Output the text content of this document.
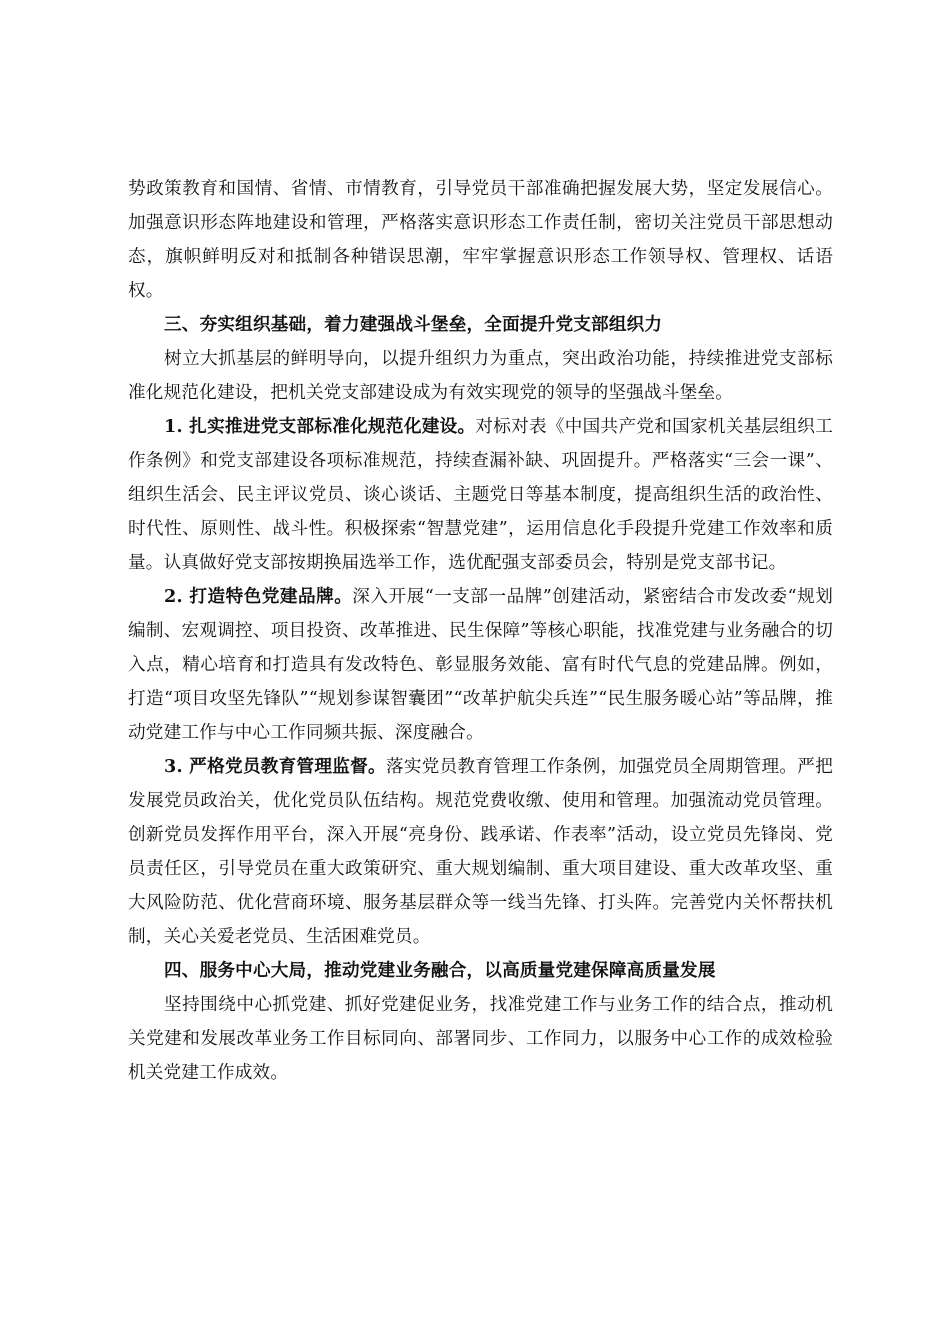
势政策教育和国情、省情、市情教育，引导党员干部准确把握发展大势，坚定发展信心。加强意识形态阵地建设和管理，严格落实意识形态工作责任制，密切关注党员干部思想动态，旗帜鲜明反对和抵制各种错误思潮，牢牢掌握意识形态工作领导权、管理权、话语权。

三、夯实组织基础，着力建强战斗堡垒，全面提升党支部组织力

树立大抓基层的鲜明导向，以提升组织力为重点，突出政治功能，持续推进党支部标准化规范化建设，把机关党支部建设成为有效实现党的领导的坚强战斗堡垒。

1. 扎实推进党支部标准化规范化建设。对标对表《中国共产党和国家机关基层组织工作条例》和党支部建设各项标准规范，持续查漏补缺、巩固提升。严格落实“三会一课”、组织生活会、民主评议党员、谈心谈话、主题党日等基本制度，提高组织生活的政治性、时代性、原则性、战斗性。积极探索“智慧党建”，运用信息化手段提升党建工作效率和质量。认真做好党支部按期换届选举工作，选优配强支部委员会，特别是党支部书记。

2. 打造特色党建品牌。深入开展“一支部一品牌”创建活动，紧密结合市发改委“规划编制、宏观调控、项目投资、改革推进、民生保障”等核心职能，找准党建与业务融合的切入点，精心培育和打造具有发改特色、彰显服务效能、富有时代气息的党建品牌。例如，打造“项目攻坚先锋队”“规划参谋智囊团”“改革护航尖兵连”“民生服务暖心站”等品牌，推动党建工作与中心工作同频共振、深度融合。

3. 严格党员教育管理监督。落实党员教育管理工作条例，加强党员全周期管理。严把发展党员政治关，优化党员队伍结构。规范党费收缴、使用和管理。加强流动党员管理。创新党员发挥作用平台，深入开展“亮身份、践承诺、作表率”活动，设立党员先锋岗、党员责任区，引导党员在重大政策研究、重大规划编制、重大项目建设、重大改革攻坚、重大风险防范、优化营商环境、服务基层群众等一线当先锋、打头阵。完善党内关怀帮扶机制，关心关爱老党员、生活困难党员。

四、服务中心大局，推动党建业务融合，以高质量党建保障高质量发展

坚持围绕中心抓党建、抓好党建促业务，找准党建工作与业务工作的结合点，推动机关党建和发展改革业务工作目标同向、部署同步、工作同力，以服务中心工作的成效检验机关党建工作成效。
